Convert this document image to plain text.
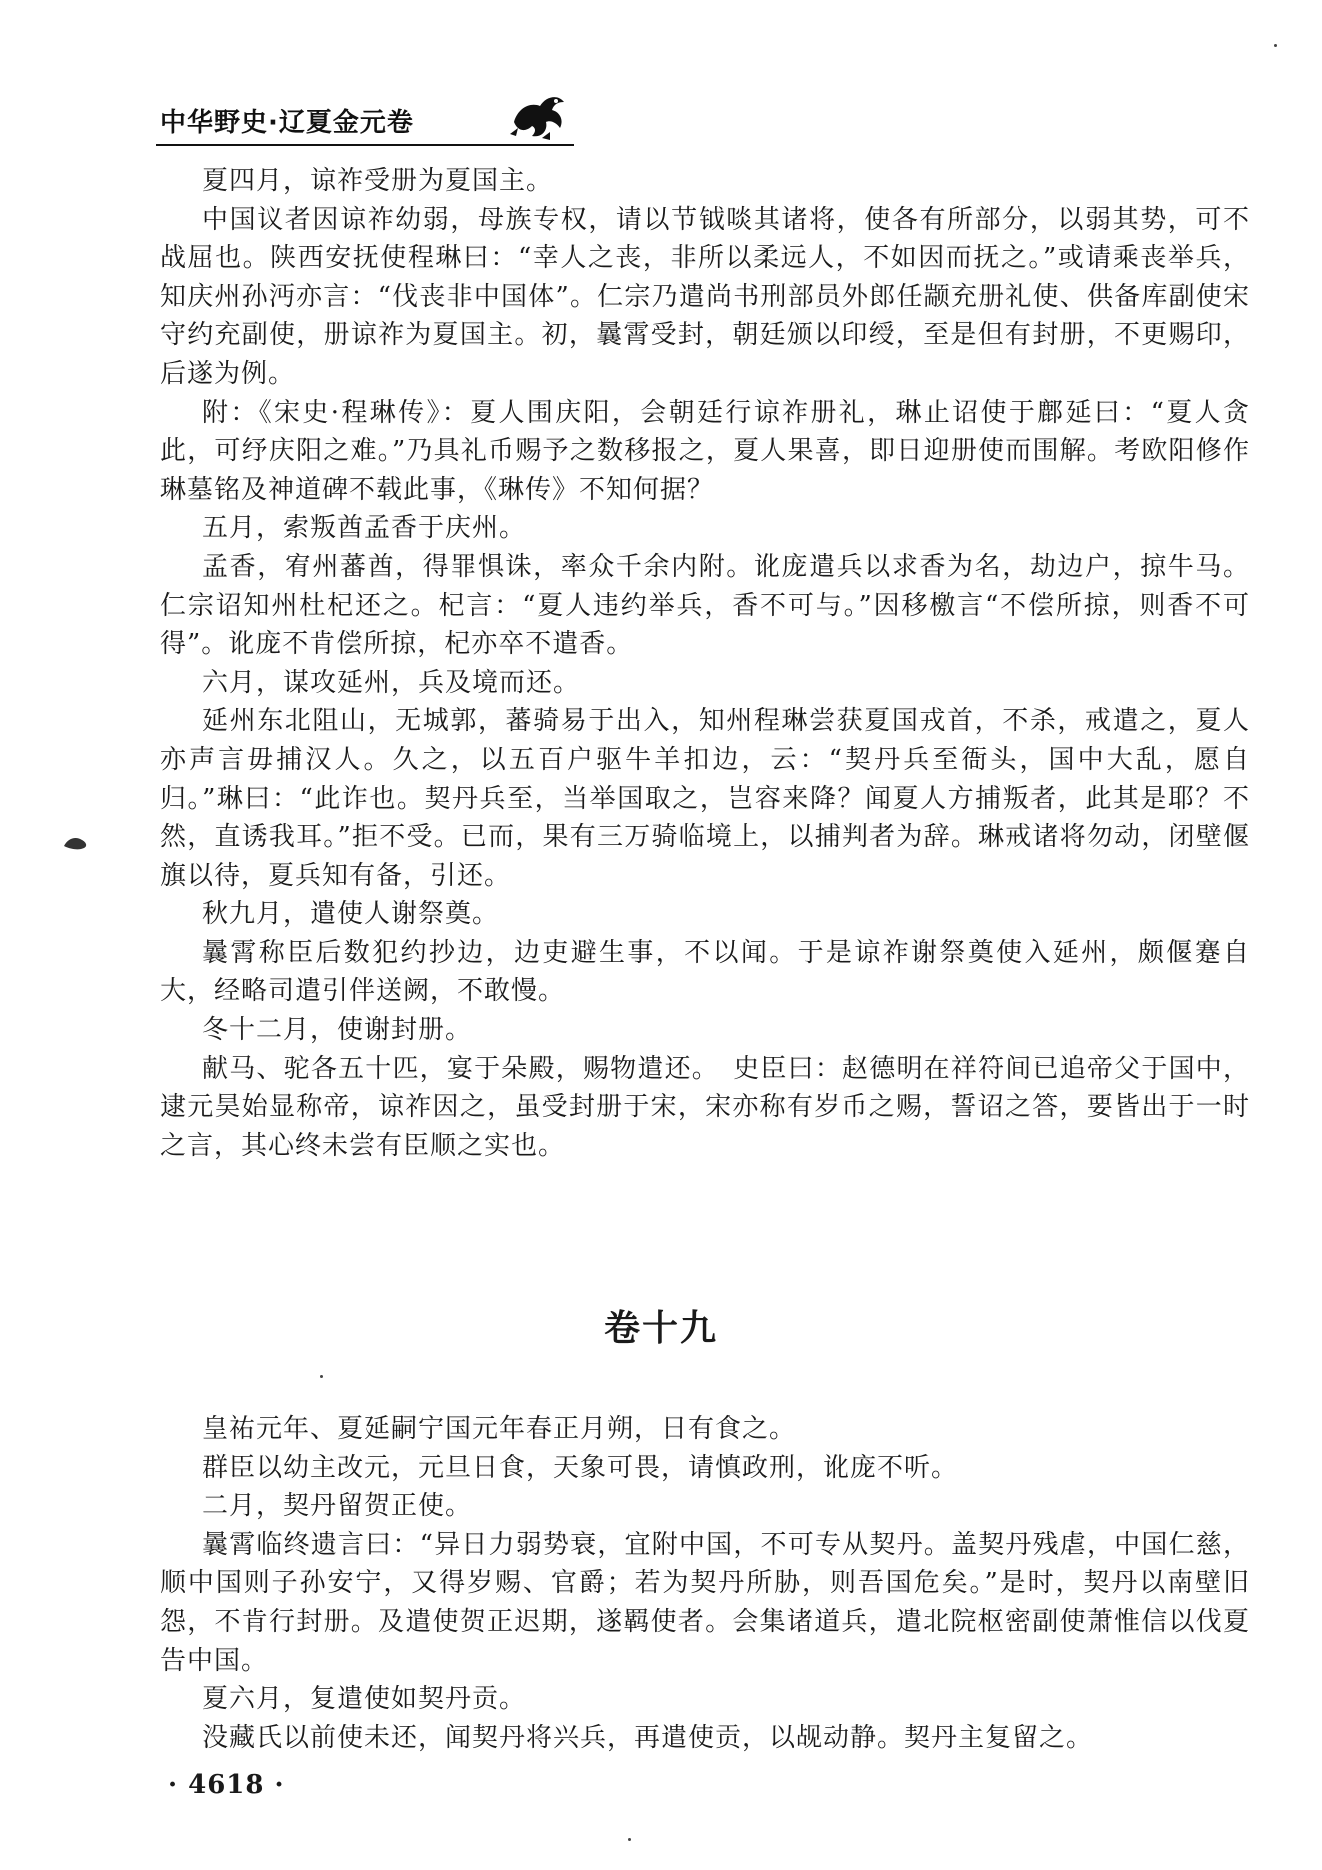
中华野史·辽夏金元卷

夏四月，谅祚受册为夏国主。

中国议者因谅祚幼弱，母族专权，请以节钺啖其诸将，使各有所部分，以弱其势，可不战屈也。陕西安抚使程琳曰：“幸人之丧，非所以柔远人，不如因而抚之。”或请乘丧举兵，知庆州孙沔亦言：“伐丧非中国体”。仁宗乃遣尚书刑部员外郎任颛充册礼使、供备库副使宋守约充副使，册谅祚为夏国主。初，曩霄受封，朝廷颁以印绶，至是但有封册，不更赐印，后遂为例。

附：《宋史·程琳传》：夏人围庆阳，会朝廷行谅祚册礼，琳止诏使于鄜延曰：“夏人贪此，可纾庆阳之难。”乃具礼币赐予之数移报之，夏人果喜，即日迎册使而围解。考欧阳修作琳墓铭及神道碑不载此事，《琳传》不知何据？

五月，索叛酋孟香于庆州。

孟香，宥州蕃酋，得罪惧诛，率众千余内附。讹庞遣兵以求香为名，劫边户，掠牛马。仁宗诏知州杜杞还之。杞言：“夏人违约举兵，香不可与。”因移檄言“不偿所掠，则香不可得”。讹庞不肯偿所掠，杞亦卒不遣香。

六月，谋攻延州，兵及境而还。

延州东北阻山，无城郭，蕃骑易于出入，知州程琳尝获夏国戎首，不杀，戒遣之，夏人亦声言毋捕汉人。久之，以五百户驱牛羊扣边，云：“契丹兵至衙头，国中大乱，愿自归。”琳曰：“此诈也。契丹兵至，当举国取之，岂容来降？闻夏人方捕叛者，此其是耶？不然，直诱我耳。”拒不受。已而，果有三万骑临境上，以捕判者为辞。琳戒诸将勿动，闭壁偃旗以待，夏兵知有备，引还。

秋九月，遣使人谢祭奠。

曩霄称臣后数犯约抄边，边吏避生事，不以闻。于是谅祚谢祭奠使入延州，颇偃蹇自大，经略司遣引伴送阙，不敢慢。

冬十二月，使谢封册。

献马、驼各五十匹，宴于朵殿，赐物遣还。　史臣曰：赵德明在祥符间已追帝父于国中，逮元昊始显称帝，谅祚因之，虽受封册于宋，宋亦称有岁币之赐，誓诏之答，要皆出于一时之言，其心终未尝有臣顺之实也。

卷十九

皇祐元年、夏延嗣宁国元年春正月朔，日有食之。

群臣以幼主改元，元旦日食，天象可畏，请慎政刑，讹庞不听。

二月，契丹留贺正使。

曩霄临终遗言曰：“异日力弱势衰，宜附中国，不可专从契丹。盖契丹残虐，中国仁慈，顺中国则子孙安宁，又得岁赐、官爵；若为契丹所胁，则吾国危矣。”是时，契丹以南壁旧怨，不肯行封册。及遣使贺正迟期，遂羁使者。会集诸道兵，遣北院枢密副使萧惟信以伐夏告中国。

夏六月，复遣使如契丹贡。

没藏氏以前使未还，闻契丹将兴兵，再遣使贡，以觇动静。契丹主复留之。

· 4618 ·
